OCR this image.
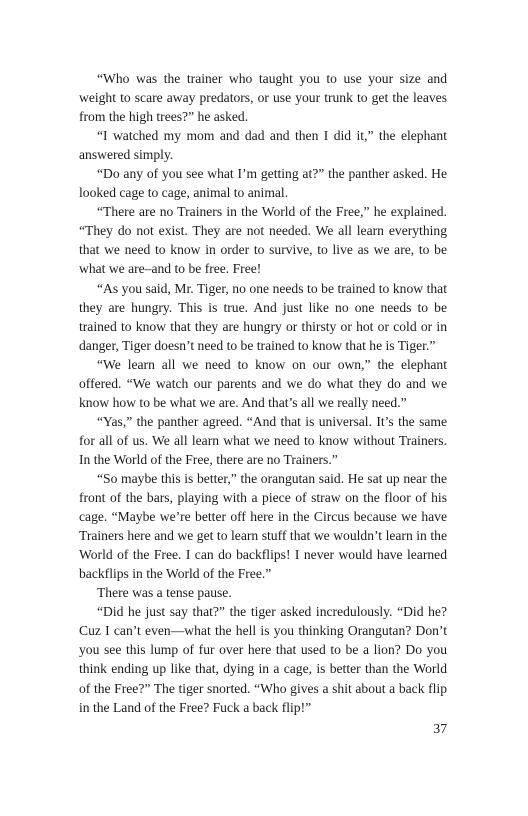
“Who was the trainer who taught you to use your size and weight to scare away predators, or use your trunk to get the leaves from the high trees?” he asked.

“I watched my mom and dad and then I did it,” the elephant answered simply.

“Do any of you see what I’m getting at?” the panther asked. He looked cage to cage, animal to animal.

“There are no Trainers in the World of the Free,” he explained. “They do not exist. They are not needed. We all learn everything that we need to know in order to survive, to live as we are, to be what we are–and to be free. Free!

“As you said, Mr. Tiger, no one needs to be trained to know that they are hungry. This is true. And just like no one needs to be trained to know that they are hungry or thirsty or hot or cold or in danger, Tiger doesn’t need to be trained to know that he is Tiger.”

“We learn all we need to know on our own,” the elephant offered. “We watch our parents and we do what they do and we know how to be what we are. And that’s all we really need.”

“Yas,” the panther agreed. “And that is universal. It’s the same for all of us. We all learn what we need to know without Trainers. In the World of the Free, there are no Trainers.”

“So maybe this is better,” the orangutan said. He sat up near the front of the bars, playing with a piece of straw on the floor of his cage. “Maybe we’re better off here in the Circus because we have Trainers here and we get to learn stuff that we wouldn’t learn in the World of the Free. I can do backflips! I never would have learned backflips in the World of the Free.”

There was a tense pause.

“Did he just say that?” the tiger asked incredulously. “Did he? Cuz I can’t even—what the hell is you thinking Orangutan? Don’t you see this lump of fur over here that used to be a lion? Do you think ending up like that, dying in a cage, is better than the World of the Free?” The tiger snorted. “Who gives a shit about a back flip in the Land of the Free? Fuck a back flip!”

37
